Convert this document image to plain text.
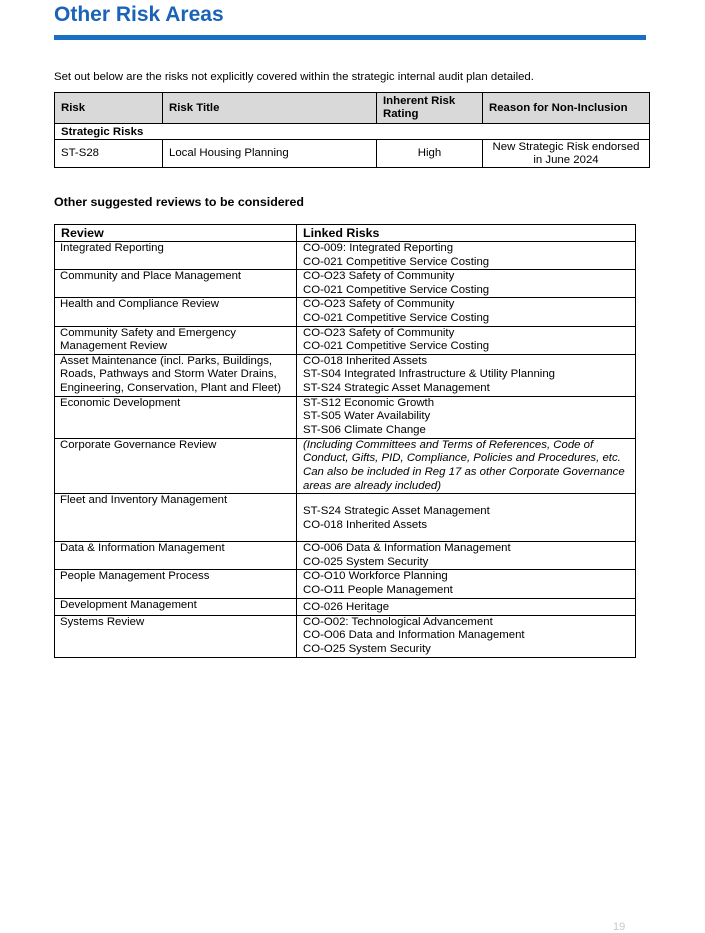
Other Risk Areas
Set out below are the risks not explicitly covered within the strategic internal audit plan detailed.
Risk	Risk Title	Inherent Risk Rating	Reason for Non-Inclusion
Strategic Risks			
ST-S28	Local Housing Planning	High	New Strategic Risk endorsed in June 2024
Other suggested reviews to be considered
Review	Linked Risks
Integrated Reporting	CO-009: Integrated Reporting
CO-021 Competitive Service Costing

Community and Place Management	CO-O23 Safety of Community
CO-021 Competitive Service Costing

Health and Compliance Review	CO-O23 Safety of Community
CO-021 Competitive Service Costing

Community Safety and Emergency Management Review	CO-O23 Safety of Community
CO-021 Competitive Service Costing

Asset Maintenance (incl. Parks, Buildings, Roads, Pathways and Storm Water Drains, Engineering, Conservation, Plant and Fleet)	CO-018 Inherited Assets
ST-S04 Integrated Infrastructure & Utility Planning
ST-S24 Strategic Asset Management

Economic Development	ST-S12 Economic Growth
ST-S05 Water Availability
ST-S06 Climate Change

Corporate Governance Review	(Including Committees and Terms of References, Code of Conduct, Gifts, PID, Compliance, Policies and Procedures, etc. Can also be included in Reg 17 as other Corporate Governance areas are already included)

Fleet and Inventory Management	ST-S24 Strategic Asset Management
CO-018 Inherited Assets

Data & Information Management	CO-006 Data & Information Management
CO-025 System Security

People Management Process	CO-O10 Workforce Planning
CO-O11 People Management

Development Management	CO-026 Heritage

Systems Review	CO-O02: Technological Advancement
CO-O06 Data and Information Management
CO-O25 System Security
19
